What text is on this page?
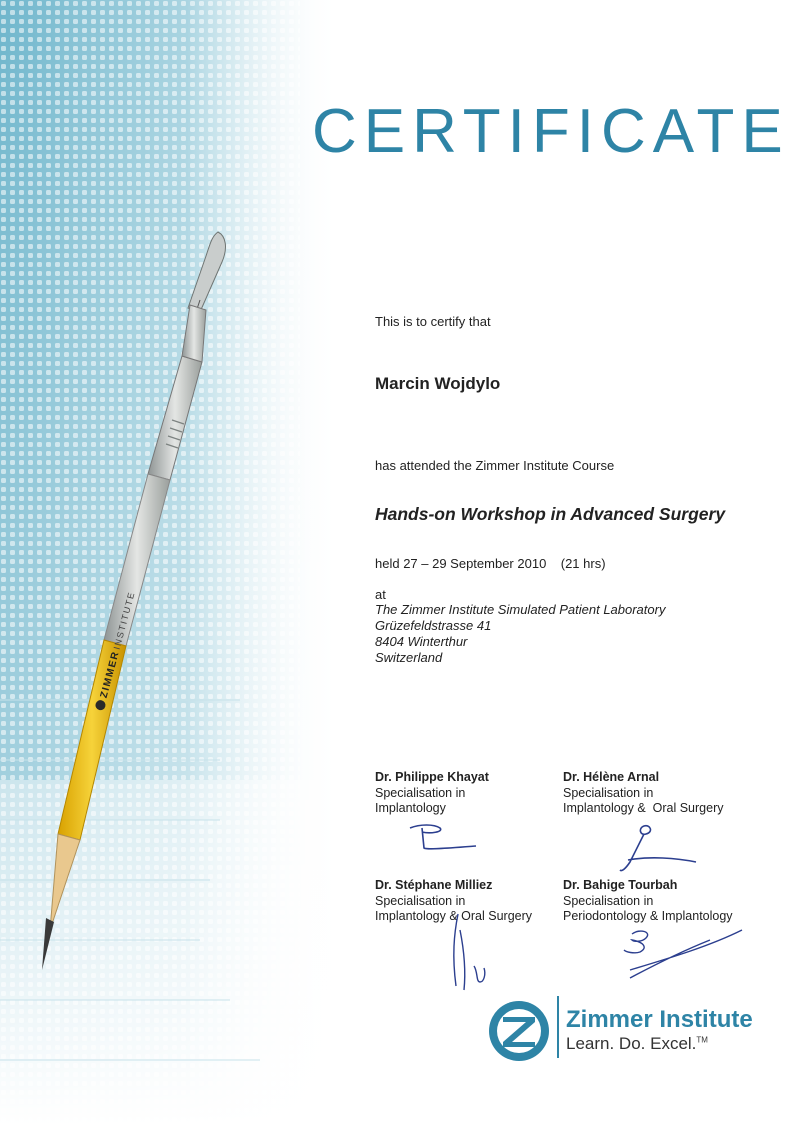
ZIMMER
INSTITUTE
CERTIFICATE
This is to certify that
Marcin Wojdylo
has attended the Zimmer Institute Course
Hands-on Workshop in Advanced Surgery
held 27 – 29 September 2010    (21 hrs)
at
The Zimmer Institute Simulated Patient Laboratory
Grüzefeldstrasse 41
8404 Winterthur
Switzerland
Dr. Philippe Khayat
Specialisation in
Implantology
Dr. Hélène Arnal
Specialisation in
Implantology &  Oral Surgery
Dr. Stéphane Milliez
Specialisation in
Implantology & Oral Surgery
Dr. Bahige Tourbah
Specialisation in
Periodontology & Implantology
Zimmer Institute
Learn. Do. Excel.™
